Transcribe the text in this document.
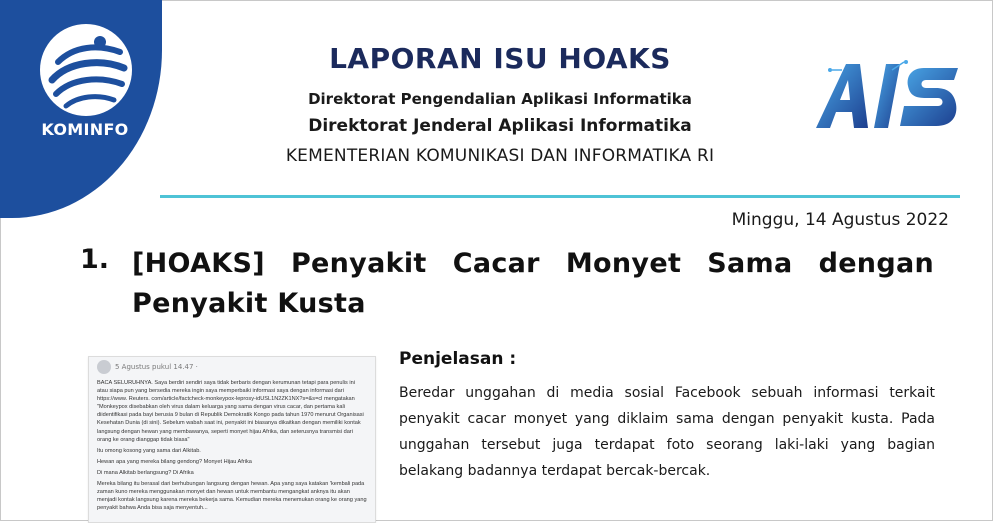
KOMINFO
LAPORAN ISU HOAKS
Direktorat Pengendalian Aplikasi Informatika
Direktorat Jenderal Aplikasi Informatika
KEMENTERIAN KOMUNIKASI DAN INFORMATIKA RI
Minggu, 14 Agustus 2022
1. [HOAKS] Penyakit Cacar Monyet Sama dengan Penyakit Kusta
5 Agustus pukul 14.47 ·

BACA SELURUHNYA. Saya berdiri sendiri saya tidak berbaris dengan kerumunan tetapi para penulis ini atau siapa pun yang bersedia mereka ingin saya memperbaiki informasi saya dengan informasi dari https://www. Reuters. com/article/factcheck-monkeypox-leprosy-idUSL1N2ZK1NX?s=&s=cl mengatakan "Monkeypox disebabkan oleh virus dalam keluarga yang sama dengan virus cacar, dan pertama kali diidentifikasi pada bayi berusia 9 bulan di Republik Demokratik Kongo pada tahun 1970 menurut Organisasi Kesehatan Dunia (di sini). Sebelum wabah saat ini, penyakit ini biasanya dikaitkan dengan memiliki kontak langsung dengan hewan yang membawanya, seperti monyet hijau Afrika, dan seterusnya transmisi dari orang ke orang dianggap tidak biasa"

Itu omong kosong yang sama dari Alkitab.

Hewan apa yang mereka bilang gendong? Monyet Hijau Afrika

Di mana Alkitab berlangsung? Di Afrika

Mereka bilang itu berasal dari berhubungan langsung dengan hewan. Apa yang saya katakan 'kembali pada zaman kuno mereka menggunakan monyet dan hewan untuk membantu mengangkat anknya itu akan menjadi kontak langsung karena mereka bekerja sama. Kemudian mereka menemukan orang ke orang yang penyakit bahwa Anda bisa saja menyentuh...

Penjelasan :
Beredar unggahan di media sosial Facebook sebuah informasi terkait penyakit cacar monyet yang diklaim sama dengan penyakit kusta. Pada unggahan tersebut juga terdapat foto seorang laki-laki yang bagian belakang badannya terdapat bercak-bercak.
